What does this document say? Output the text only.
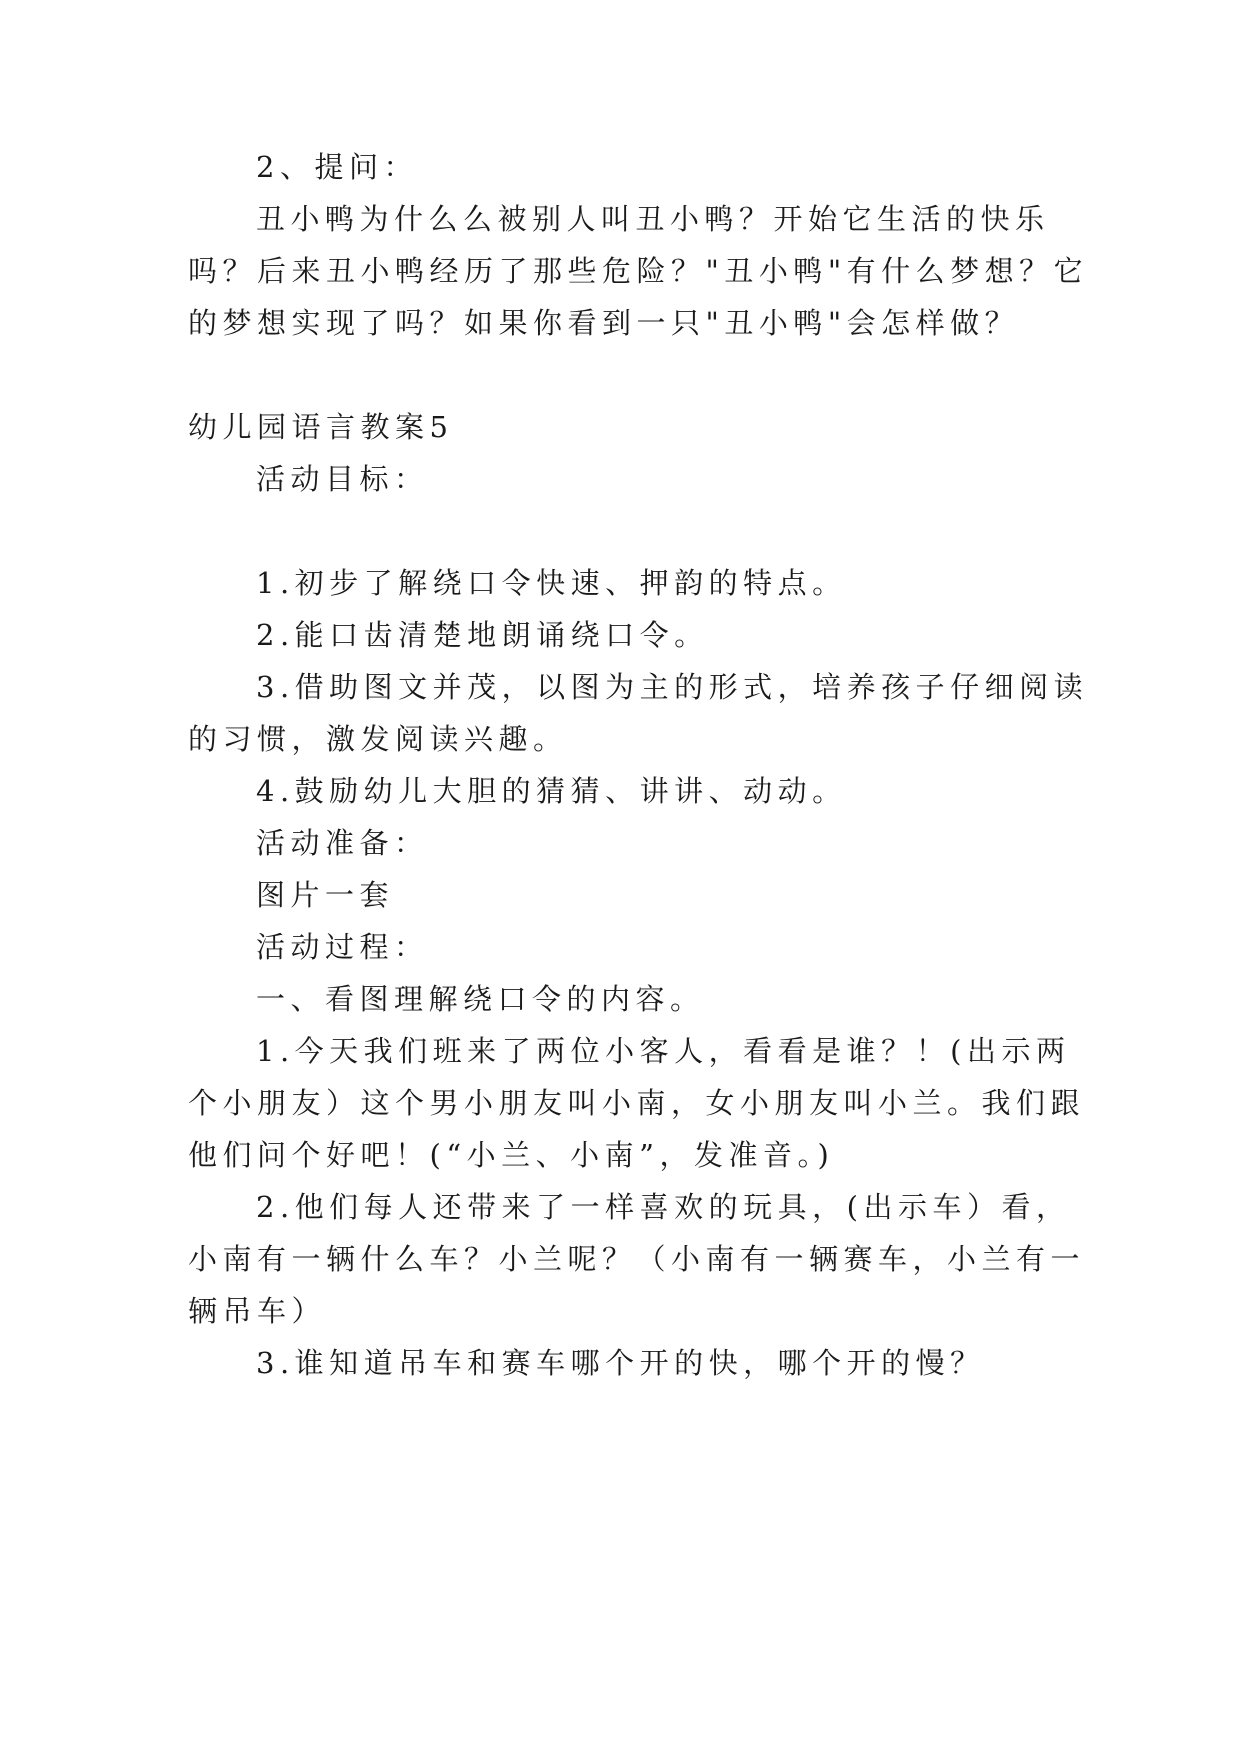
2、提问：
丑小鸭为什么么被别人叫丑小鸭？开始它生活的快乐
吗？后来丑小鸭经历了那些危险？"丑小鸭"有什么梦想？它
的梦想实现了吗？如果你看到一只"丑小鸭"会怎样做？
幼儿园语言教案5
活动目标：
1.初步了解绕口令快速、押韵的特点。
2.能口齿清楚地朗诵绕口令。
3.借助图文并茂，以图为主的形式，培养孩子仔细阅读
的习惯，激发阅读兴趣。
4.鼓励幼儿大胆的猜猜、讲讲、动动。
活动准备：
图片一套
活动过程：
一、看图理解绕口令的内容。
1.今天我们班来了两位小客人，看看是谁？！(出示两
个小朋友）这个男小朋友叫小南，女小朋友叫小兰。我们跟
他们问个好吧！(“小兰、小南”，发准音。)
2.他们每人还带来了一样喜欢的玩具，(出示车）看，
小南有一辆什么车？小兰呢？（小南有一辆赛车，小兰有一
辆吊车）
3.谁知道吊车和赛车哪个开的快，哪个开的慢？
